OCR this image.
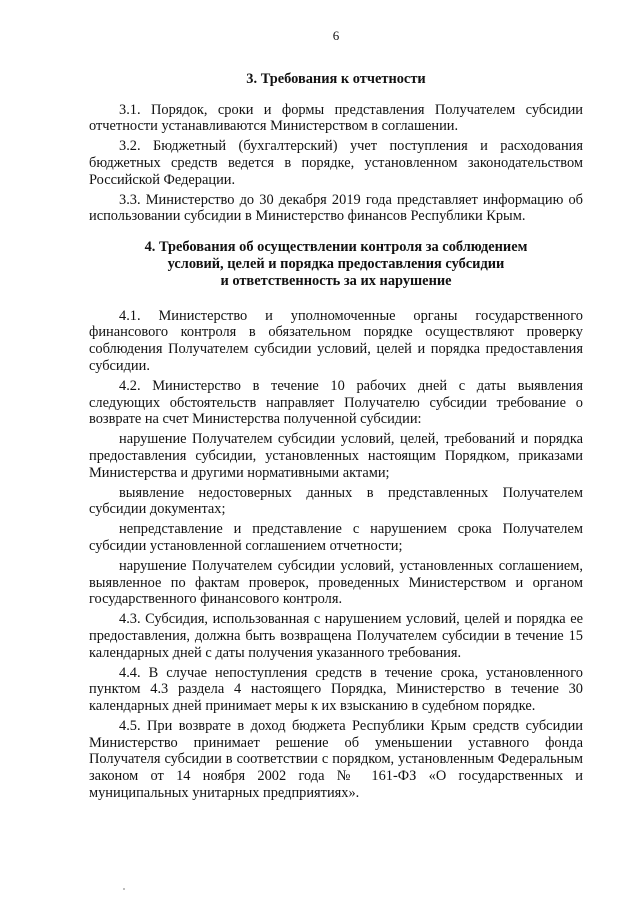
6
3. Требования к отчетности

3.1. Порядок, сроки и формы представления Получателем субсидии отчетности устанавливаются Министерством в соглашении.

3.2. Бюджетный (бухгалтерский) учет поступления и расходования бюджетных средств ведется в порядке, установленном законодательством Российской Федерации.

3.3. Министерство до 30 декабря 2019 года представляет информацию об использовании субсидии в Министерство финансов Республики Крым.

4. Требования об осуществлении контроля за соблюдением
условий, целей и порядка предоставления субсидии
и ответственность за их нарушение

4.1. Министерство и уполномоченные органы государственного финансового контроля в обязательном порядке осуществляют проверку соблюдения Получателем субсидии условий, целей и порядка предоставления субсидии.

4.2. Министерство в течение 10 рабочих дней с даты выявления следующих обстоятельств направляет Получателю субсидии требование о возврате на счет Министерства полученной субсидии:

нарушение Получателем субсидии условий, целей, требований и порядка предоставления субсидии, установленных настоящим Порядком, приказами Министерства и другими нормативными актами;

выявление недостоверных данных в представленных Получателем субсидии документах;

непредставление и представление с нарушением срока Получателем субсидии установленной соглашением отчетности;

нарушение Получателем субсидии условий, установленных соглашением, выявленное по фактам проверок, проведенных Министерством и органом государственного финансового контроля.

4.3. Субсидия, использованная с нарушением условий, целей и порядка ее предоставления, должна быть возвращена Получателем субсидии в течение 15 календарных дней с даты получения указанного требования.

4.4. В случае непоступления средств в течение срока, установленного пунктом 4.3 раздела 4 настоящего Порядка, Министерство в течение 30 календарных дней принимает меры к их взысканию в судебном порядке.

4.5. При возврате в доход бюджета Республики Крым средств субсидии Министерство принимает решение об уменьшении уставного фонда Получателя субсидии в соответствии с порядком, установленным Федеральным законом от 14 ноября 2002 года № 161-ФЗ «О государственных и муниципальных унитарных предприятиях».
